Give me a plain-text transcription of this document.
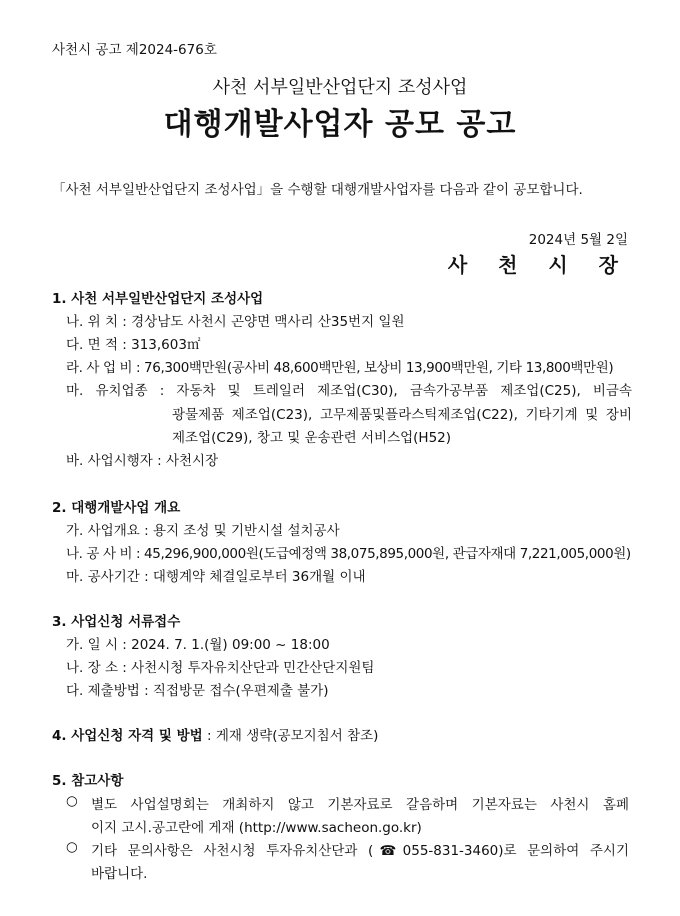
사천시 공고 제2024-676호
사천 서부일반산업단지 조성사업
대행개발사업자 공모 공고
「사천 서부일반산업단지 조성사업」을 수행할 대행개발사업자를 다음과 같이 공모합니다.
2024년 5월 2일
사 천 시 장
1. 사천 서부일반산업단지 조성사업
나. 위 치 : 경상남도 사천시 곤양면 맥사리 산35번지 일원
다. 면 적 : 313,603㎡
라. 사 업 비 : 76,300백만원(공사비 48,600백만원, 보상비 13,900백만원, 기타 13,800백만원)
마. 유치업종 : 자동차 및 트레일러 제조업(C30), 금속가공부품 제조업(C25), 비금속
광물제품 제조업(C23), 고무제품및플라스틱제조업(C22), 기타기계 및 장비
제조업(C29), 창고 및 운송관련 서비스업(H52)
바. 사업시행자 : 사천시장
2. 대행개발사업 개요
가. 사업개요 : 용지 조성 및 기반시설 설치공사
나. 공 사 비 : 45,296,900,000원(도급예정액 38,075,895,000원, 관급자재대 7,221,005,000원)
마. 공사기간 : 대행계약 체결일로부터 36개월 이내
3. 사업신청 서류접수
가. 일 시 : 2024. 7. 1.(월) 09:00 ~ 18:00
나. 장 소 : 사천시청 투자유치산단과 민간산단지원팀
다. 제출방법 : 직접방문 접수(우편제출 불가)
4. 사업신청 자격 및 방법 : 게재 생략(공모지침서 참조)
5. 참고사항
○ 별도 사업설명회는 개최하지 않고 기본자료로 갈음하며 기본자료는 사천시 홈페
이지 고시․공고란에 게재 (http://www.sacheon.go.kr)
○ 기타 문의사항은 사천시청 투자유치산단과 (☎055-831-3460)로 문의하여 주시기
바랍니다.
